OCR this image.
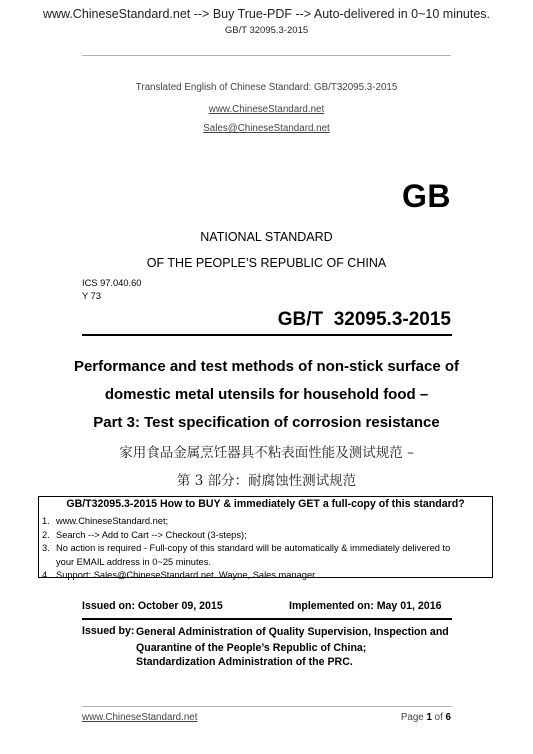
www.ChineseStandard.net --> Buy True-PDF --> Auto-delivered in 0~10 minutes.
GB/T 32095.3-2015
Translated English of Chinese Standard: GB/T32095.3-2015
www.ChineseStandard.net
Sales@ChineseStandard.net
GB
NATIONAL STANDARD
OF THE PEOPLE’S REPUBLIC OF CHINA
ICS 97.040.60
Y 73
GB/T  32095.3-2015
Performance and test methods of non-stick surface of
domestic metal utensils for household food –
Part 3: Test specification of corrosion resistance
家用食品金属烹饪器具不粘表面性能及测试规范 –
第 3 部分：耐腐蚀性测试规范
GB/T32095.3-2015 How to BUY & immediately GET a full-copy of this standard?
1. www.ChineseStandard.net;
2. Search --> Add to Cart --> Checkout (3-steps);
3. No action is required - Full-copy of this standard will be automatically & immediately delivered to
your EMAIL address in 0~25 minutes.
4. Support: Sales@ChineseStandard.net. Wayne, Sales manager
Issued on: October 09, 2015	Implemented on: May 01, 2016
Issued by: General Administration of Quality Supervision, Inspection and
Quarantine of the People’s Republic of China;
Standardization Administration of the PRC.
www.ChineseStandard.net	Page 1 of 6
